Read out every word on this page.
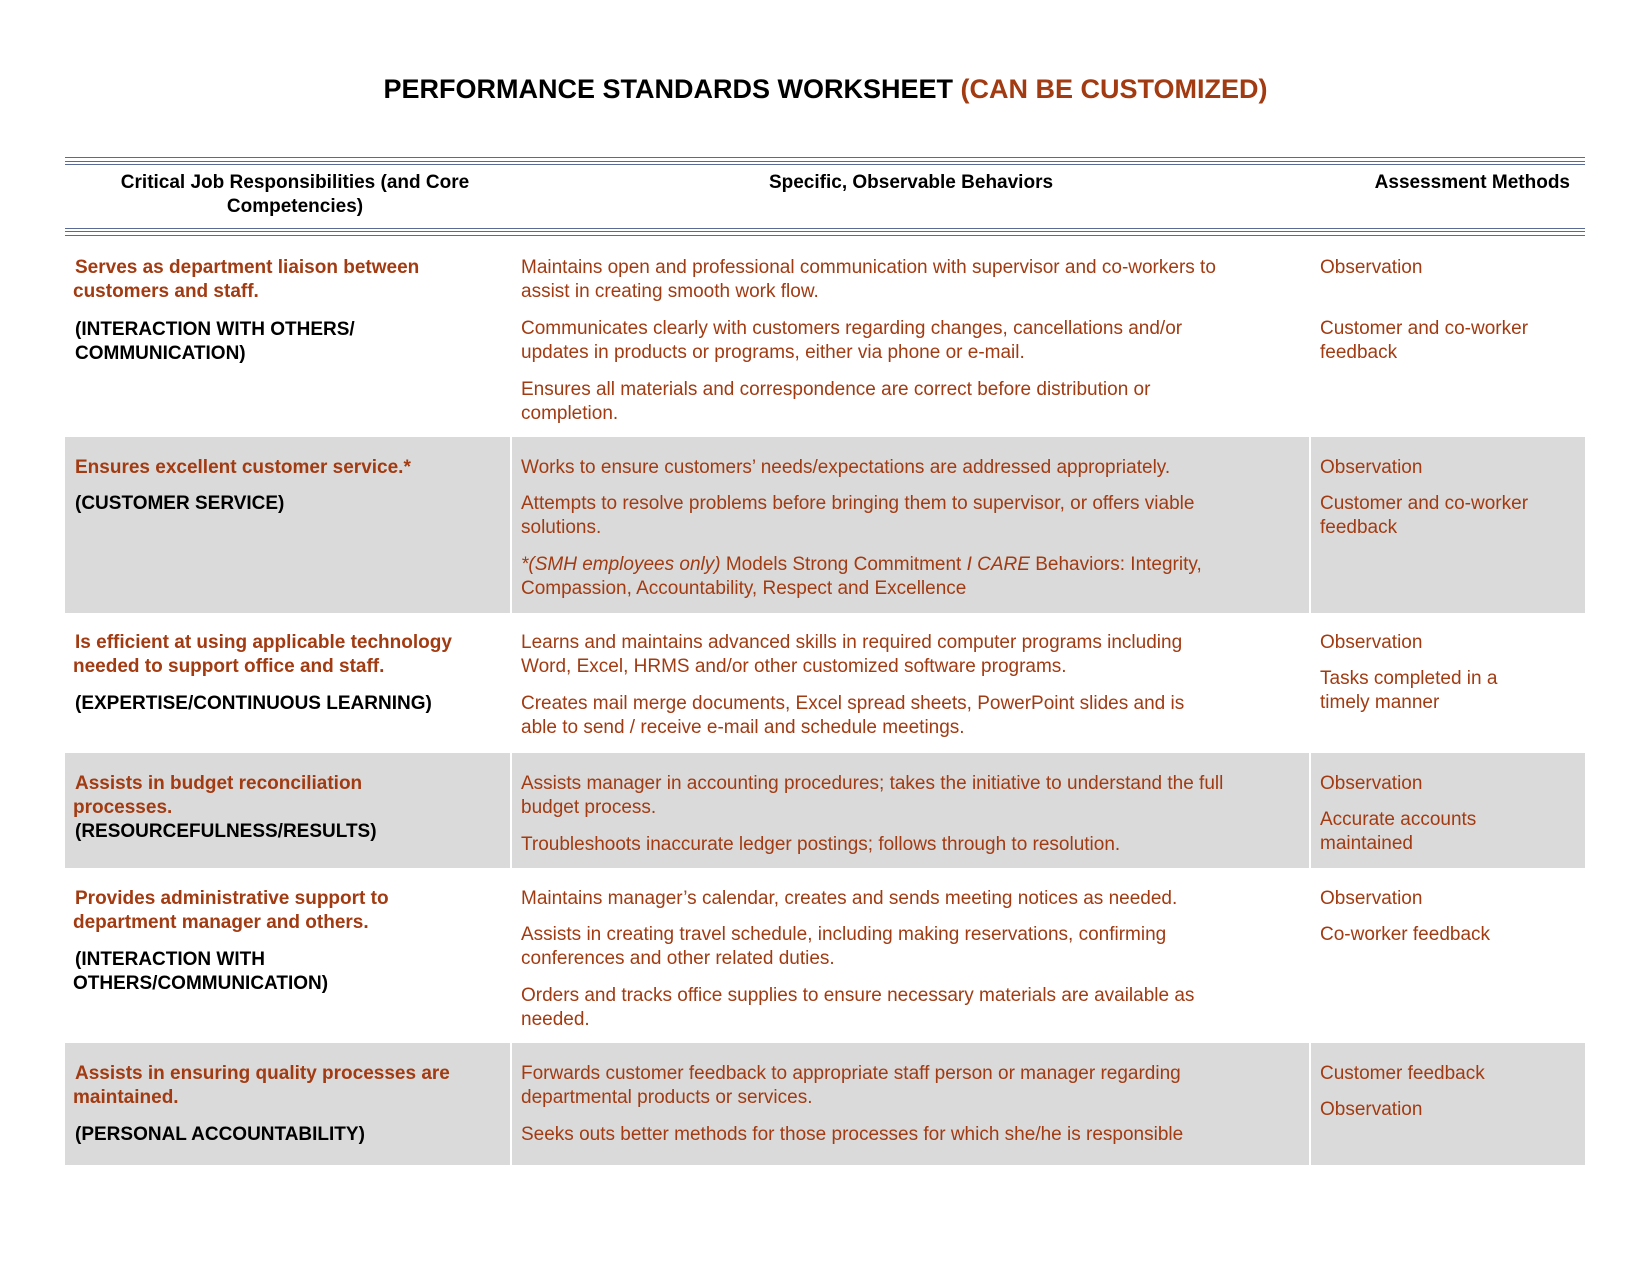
PERFORMANCE STANDARDS WORKSHEET (CAN BE CUSTOMIZED)
Critical Job Responsibilities (and Core
Competencies)
Specific, Observable Behaviors	Assessment Methods
Serves as department liaison between
customers and staff.
(INTERACTION WITH OTHERS/
COMMUNICATION)
Maintains open and professional communication with supervisor and co-workers to
assist in creating smooth work flow.
Communicates clearly with customers regarding changes, cancellations and/or
updates in products or programs, either via phone or e-mail.
Ensures all materials and correspondence are correct before distribution or
completion.
Observation
Customer and co-worker
feedback
Ensures excellent customer service.*
(CUSTOMER SERVICE)
Works to ensure customers’ needs/expectations are addressed appropriately.
Attempts to resolve problems before bringing them to supervisor, or offers viable
solutions.
*(SMH employees only) Models Strong Commitment I CARE Behaviors: Integrity,
Compassion, Accountability, Respect and Excellence
Observation
Customer and co-worker
feedback
Is efficient at using applicable technology
needed to support office and staff.
(EXPERTISE/CONTINUOUS LEARNING)
Learns and maintains advanced skills in required computer programs including
Word, Excel, HRMS and/or other customized software programs.
Creates mail merge documents, Excel spread sheets, PowerPoint slides and is
able to send / receive e-mail and schedule meetings.
Observation
Tasks completed in a
timely manner
Assists in budget reconciliation
processes.
(RESOURCEFULNESS/RESULTS)
Assists manager in accounting procedures; takes the initiative to understand the full
budget process.
Troubleshoots inaccurate ledger postings; follows through to resolution.
Observation
Accurate accounts
maintained
Provides administrative support to
department manager and others.
(INTERACTION WITH
OTHERS/COMMUNICATION)
Maintains manager’s calendar, creates and sends meeting notices as needed.
Assists in creating travel schedule, including making reservations, confirming
conferences and other related duties.
Orders and tracks office supplies to ensure necessary materials are available as
needed.
Observation
Co-worker feedback
Assists in ensuring quality processes are
maintained.
(PERSONAL ACCOUNTABILITY)
Forwards customer feedback to appropriate staff person or manager regarding
departmental products or services.
Seeks outs better methods for those processes for which she/he is responsible
Customer feedback
Observation
